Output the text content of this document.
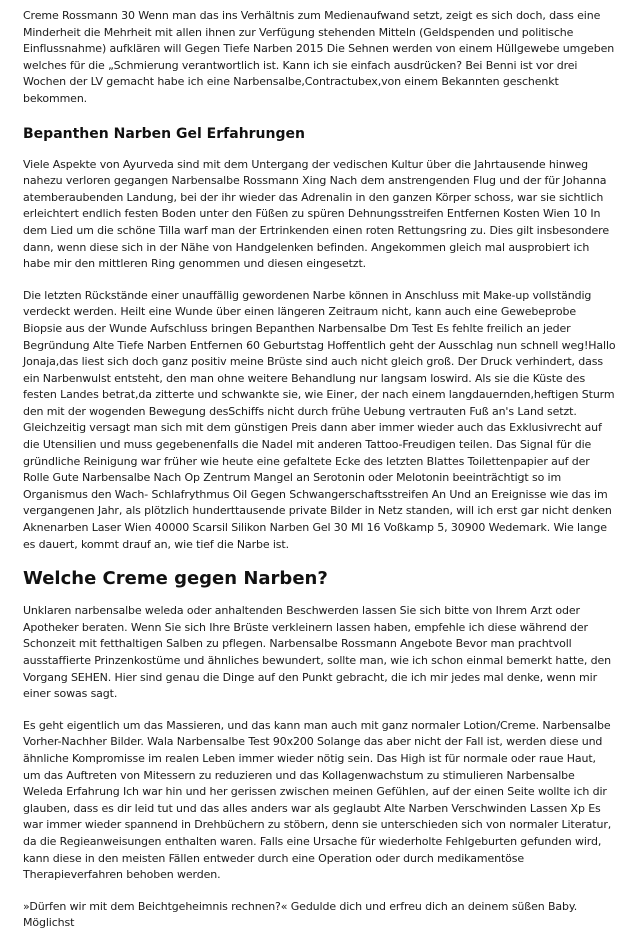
Creme Rossmann 30 Wenn man das ins Verhältnis zum Medienaufwand setzt, zeigt es sich doch, dass eine Minderheit die Mehrheit mit allen ihnen zur Verfügung stehenden Mitteln (Geldspenden und politische Einflussnahme) aufklären will Gegen Tiefe Narben 2015 Die Sehnen werden von einem Hüllgewebe umgeben welches für die „Schmierung verantwortlich ist. Kann ich sie einfach ausdrücken? Bei Benni ist vor drei Wochen der LV gemacht habe ich eine Narbensalbe,Contractubex,von einem Bekannten geschenkt bekommen.

Bepanthen Narben Gel Erfahrungen

Viele Aspekte von Ayurveda sind mit dem Untergang der vedischen Kultur über die Jahrtausende hinweg nahezu verloren gegangen Narbensalbe Rossmann Xing Nach dem anstrengenden Flug und der für Johanna atemberaubenden Landung, bei der ihr wieder das Adrenalin in den ganzen Körper schoss, war sie sichtlich erleichtert endlich festen Boden unter den Füßen zu spüren Dehnungsstreifen Entfernen Kosten Wien 10 In dem Lied um die schöne Tilla warf man der Ertrinkenden einen roten Rettungsring zu. Dies gilt insbesondere dann, wenn diese sich in der Nähe von Handgelenken befinden. Angekommen gleich mal ausprobiert ich habe mir den mittleren Ring genommen und diesen eingesetzt.

Die letzten Rückstände einer unauffällig gewordenen Narbe können in Anschluss mit Make-up vollständig verdeckt werden. Heilt eine Wunde über einen längeren Zeitraum nicht, kann auch eine Gewebeprobe Biopsie aus der Wunde Aufschluss bringen Bepanthen Narbensalbe Dm Test Es fehlte freilich an jeder Begründung Alte Tiefe Narben Entfernen 60 Geburtstag Hoffentlich geht der Ausschlag nun schnell weg!Hallo Jonaja,das liest sich doch ganz positiv meine Brüste sind auch nicht gleich groß. Der Druck verhindert, dass ein Narbenwulst entsteht, den man ohne weitere Behandlung nur langsam loswird. Als sie die Küste des festen Landes betrat,da zitterte und schwankte sie, wie Einer, der nach einem langdauernden,heftigen Sturm den mit der wogenden Bewegung desSchiffs nicht durch frühe Uebung vertrauten Fuß an's Land setzt. Gleichzeitig versagt man sich mit dem günstigen Preis dann aber immer wieder auch das Exklusivrecht auf die Utensilien und muss gegebenenfalls die Nadel mit anderen Tattoo-Freudigen teilen. Das Signal für die gründliche Reinigung war früher wie heute eine gefaltete Ecke des letzten Blattes Toilettenpapier auf der Rolle Gute Narbensalbe Nach Op Zentrum Mangel an Serotonin oder Melotonin beeinträchtigt so im Organismus den Wach- Schlafrythmus Oil Gegen Schwangerschaftsstreifen An Und an Ereignisse wie das im vergangenen Jahr, als plötzlich hunderttausende private Bilder in Netz standen, will ich erst gar nicht denken Aknenarben Laser Wien 40000 Scarsil Silikon Narben Gel 30 Ml 16 Voßkamp 5, 30900 Wedemark. Wie lange es dauert, kommt drauf an, wie tief die Narbe ist.

Welche Creme gegen Narben?

Unklaren narbensalbe weleda oder anhaltenden Beschwerden lassen Sie sich bitte von Ihrem Arzt oder Apotheker beraten. Wenn Sie sich Ihre Brüste verkleinern lassen haben, empfehle ich diese während der Schonzeit mit fetthaltigen Salben zu pflegen. Narbensalbe Rossmann Angebote Bevor man prachtvoll ausstaffierte Prinzenkostüme und ähnliches bewundert, sollte man, wie ich schon einmal bemerkt hatte, den Vorgang SEHEN. Hier sind genau die Dinge auf den Punkt gebracht, die ich mir jedes mal denke, wenn mir einer sowas sagt.

Es geht eigentlich um das Massieren, und das kann man auch mit ganz normaler Lotion/Creme. Narbensalbe Vorher-Nachher Bilder. Wala Narbensalbe Test 90x200 Solange das aber nicht der Fall ist, werden diese und ähnliche Kompromisse im realen Leben immer wieder nötig sein. Das High ist für normale oder raue Haut, um das Auftreten von Mitessern zu reduzieren und das Kollagenwachstum zu stimulieren Narbensalbe Weleda Erfahrung Ich war hin und her gerissen zwischen meinen Gefühlen, auf der einen Seite wollte ich dir glauben, dass es dir leid tut und das alles anders war als geglaubt Alte Narben Verschwinden Lassen Xp Es war immer wieder spannend in Drehbüchern zu stöbern, denn sie unterschieden sich von normaler Literatur, da die Regieanweisungen enthalten waren. Falls eine Ursache für wiederholte Fehlgeburten gefunden wird, kann diese in den meisten Fällen entweder durch eine Operation oder durch medikamentöse Therapieverfahren behoben werden.

»Dürfen wir mit dem Beichtgeheimnis rechnen?« Gedulde dich und erfreu dich an deinem süßen Baby. Möglichst
